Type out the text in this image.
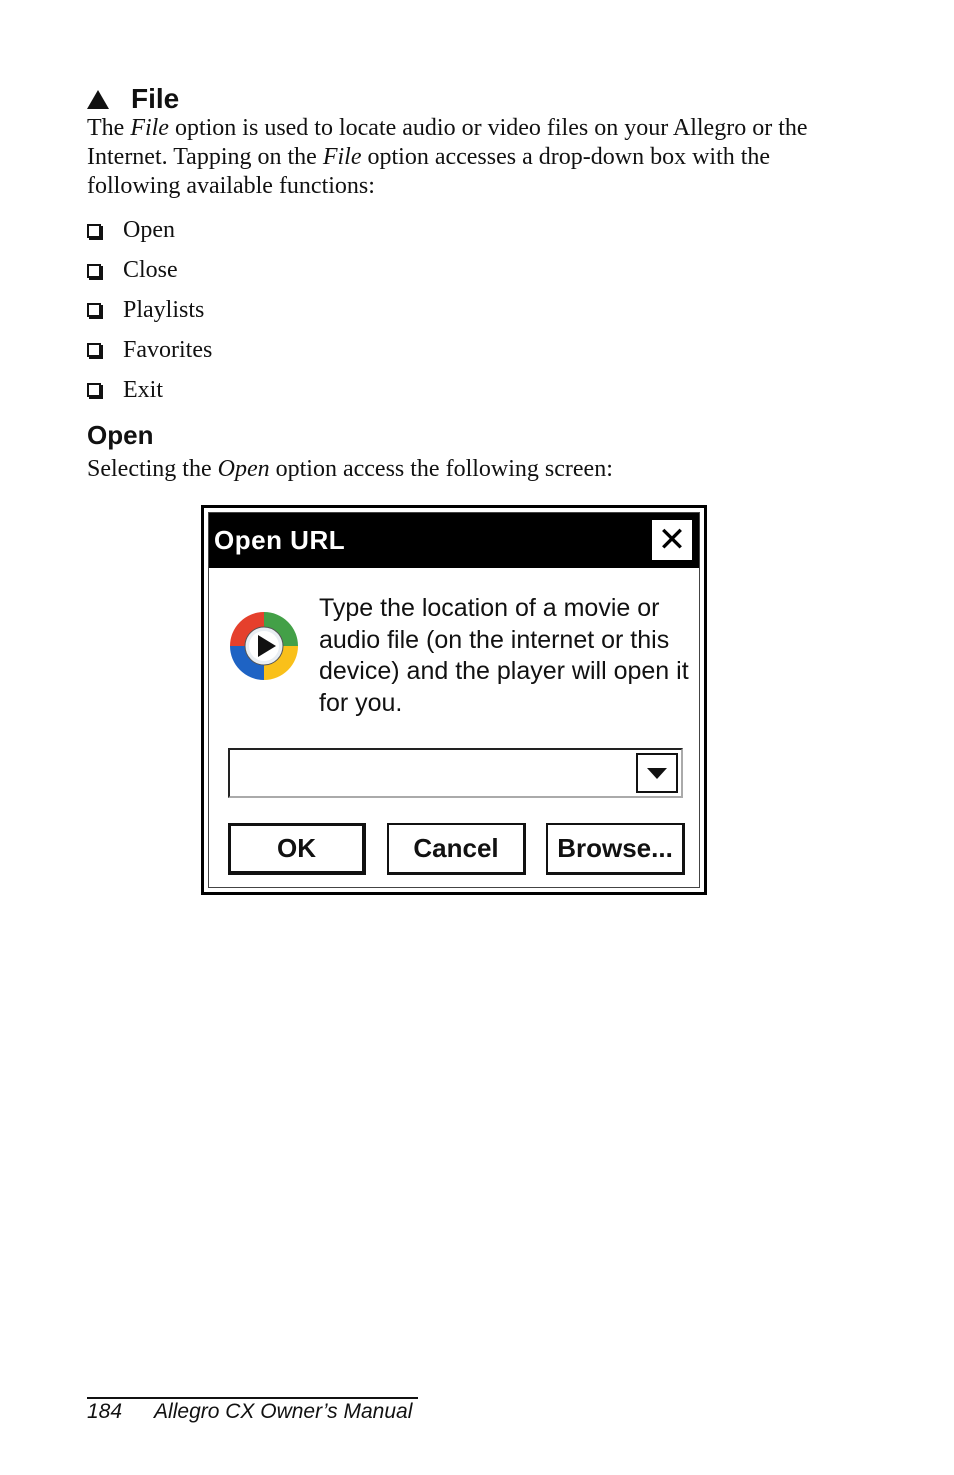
File
The File option is used to locate audio or video files on your Allegro or the Internet. Tapping on the File option accesses a drop-down box with the following available functions:
Open
Close
Playlists
Favorites
Exit
Open
Selecting the Open option access the following screen:
Open URL	✕
Type the location of a movie or audio file (on the internet or this device) and the player will open it for you.
OK	Cancel	Browse...
184 Allegro CX Owner’s Manual
